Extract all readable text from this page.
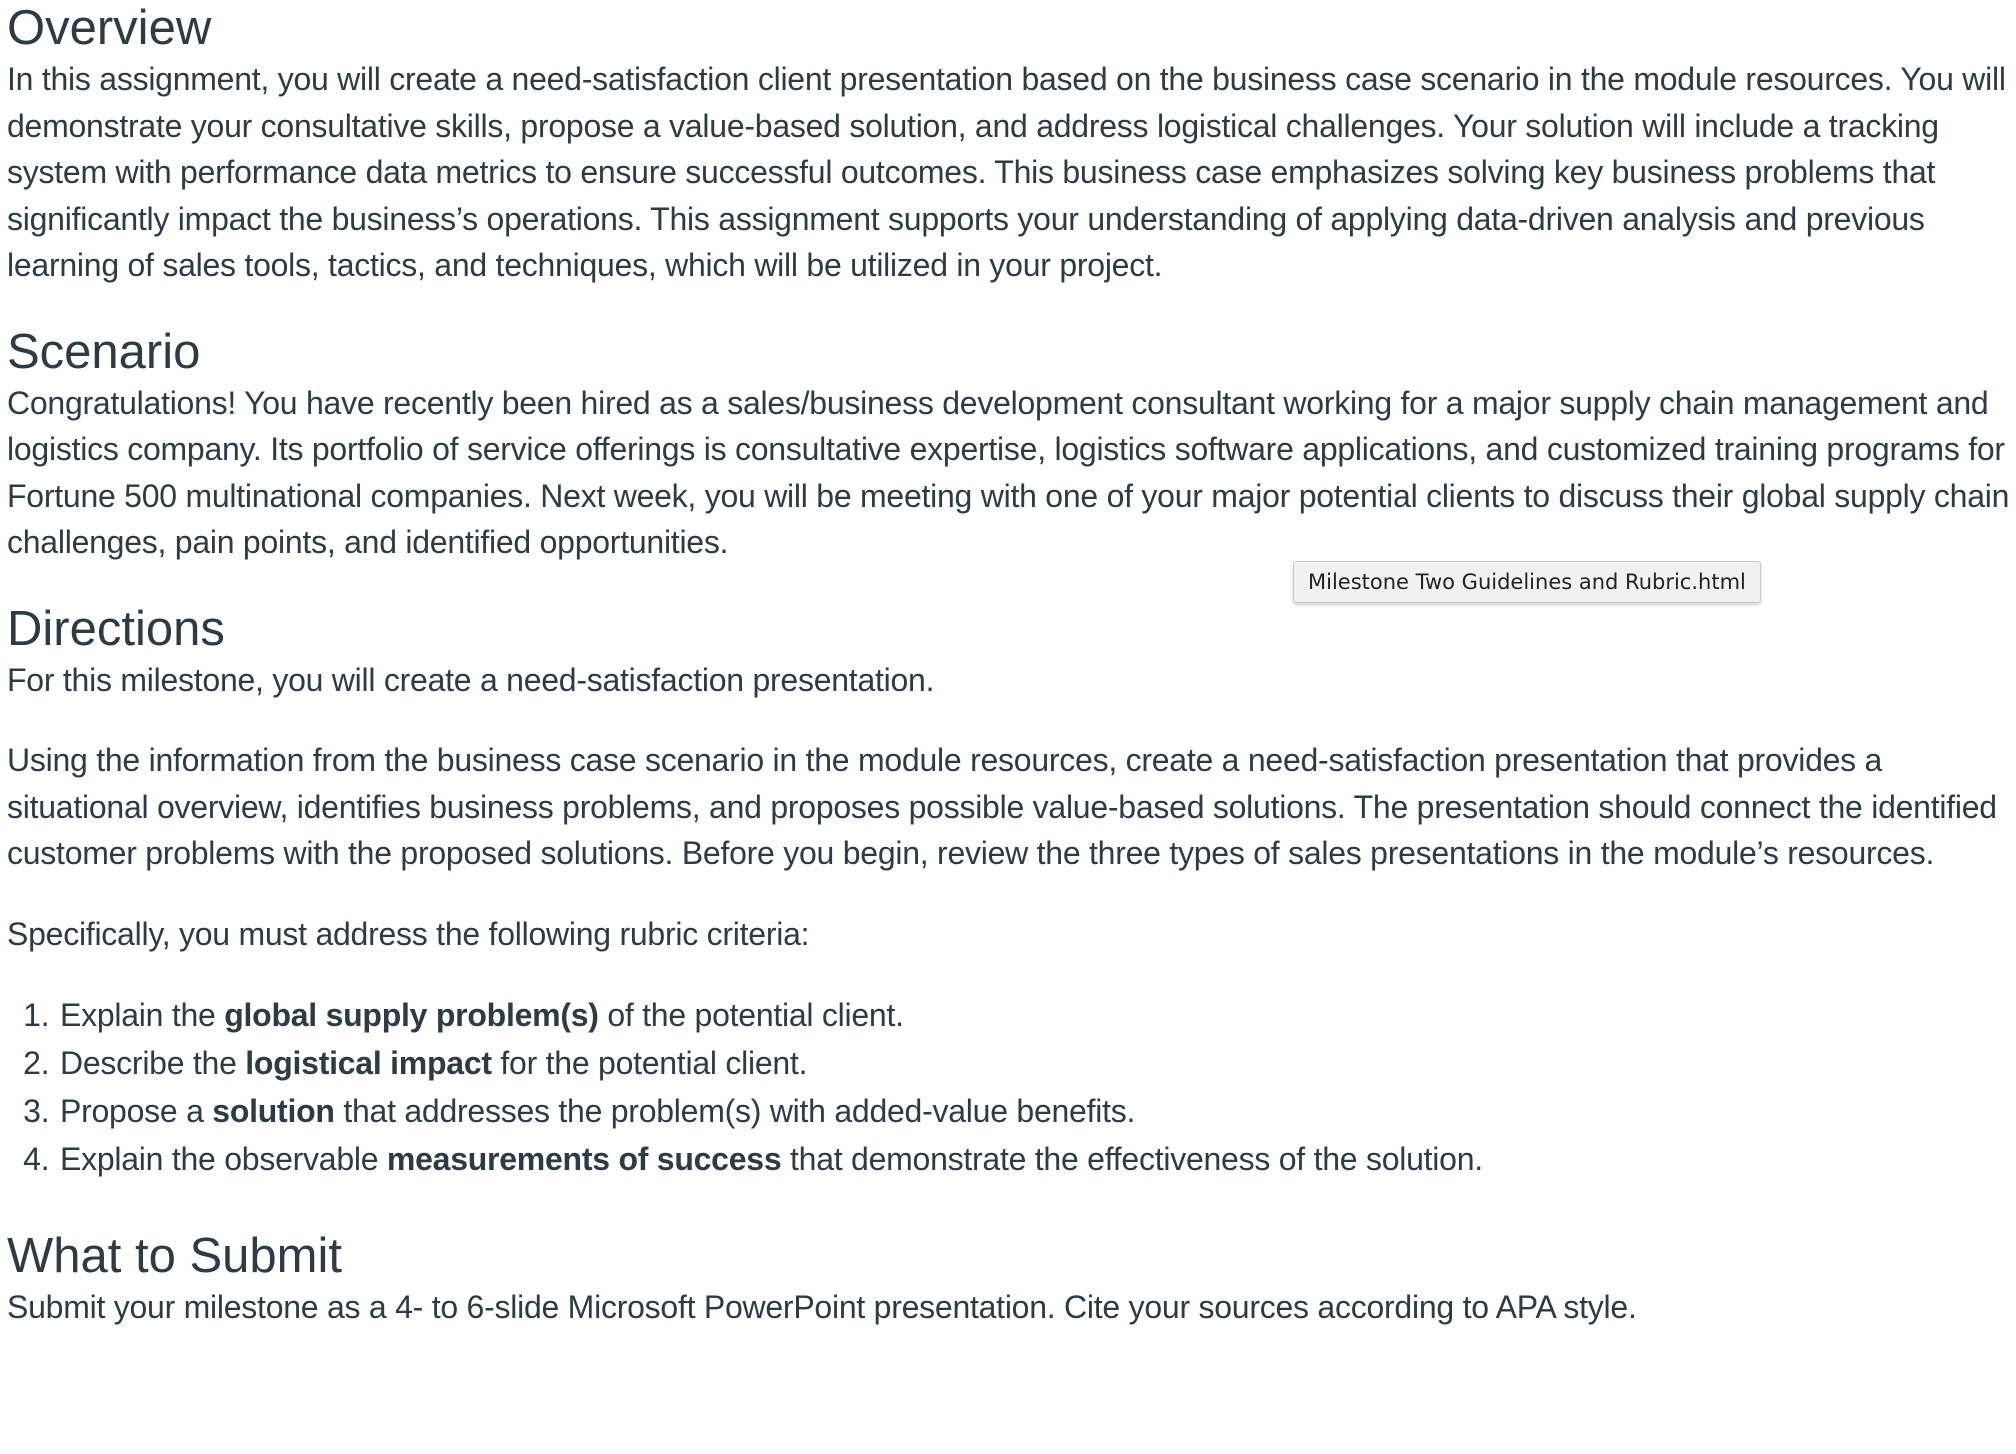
Overview

In this assignment, you will create a need-satisfaction client presentation based on the business case scenario in the module resources. You will demonstrate your consultative skills, propose a value-based solution, and address logistical challenges. Your solution will include a tracking system with performance data metrics to ensure successful outcomes. This business case emphasizes solving key business problems that significantly impact the business’s operations. This assignment supports your understanding of applying data-driven analysis and previous learning of sales tools, tactics, and techniques, which will be utilized in your project.

Scenario

Congratulations! You have recently been hired as a sales/business development consultant working for a major supply chain management and logistics company. Its portfolio of service offerings is consultative expertise, logistics software applications, and customized training programs for Fortune 500 multinational companies. Next week, you will be meeting with one of your major potential clients to discuss their global supply chain challenges, pain points, and identified opportunities.

Directions

For this milestone, you will create a need-satisfaction presentation.

Using the information from the business case scenario in the module resources, create a need-satisfaction presentation that provides a situational overview, identifies business problems, and proposes possible value-based solutions. The presentation should connect the identified customer problems with the proposed solutions. Before you begin, review the three types of sales presentations in the module’s resources.

Specifically, you must address the following rubric criteria:

1. Explain the global supply problem(s) of the potential client.
2. Describe the logistical impact for the potential client.
3. Propose a solution that addresses the problem(s) with added-value benefits.
4. Explain the observable measurements of success that demonstrate the effectiveness of the solution.
What to Submit

Submit your milestone as a 4- to 6-slide Microsoft PowerPoint presentation. Cite your sources according to APA style.

Milestone Two Guidelines and Rubric.html
